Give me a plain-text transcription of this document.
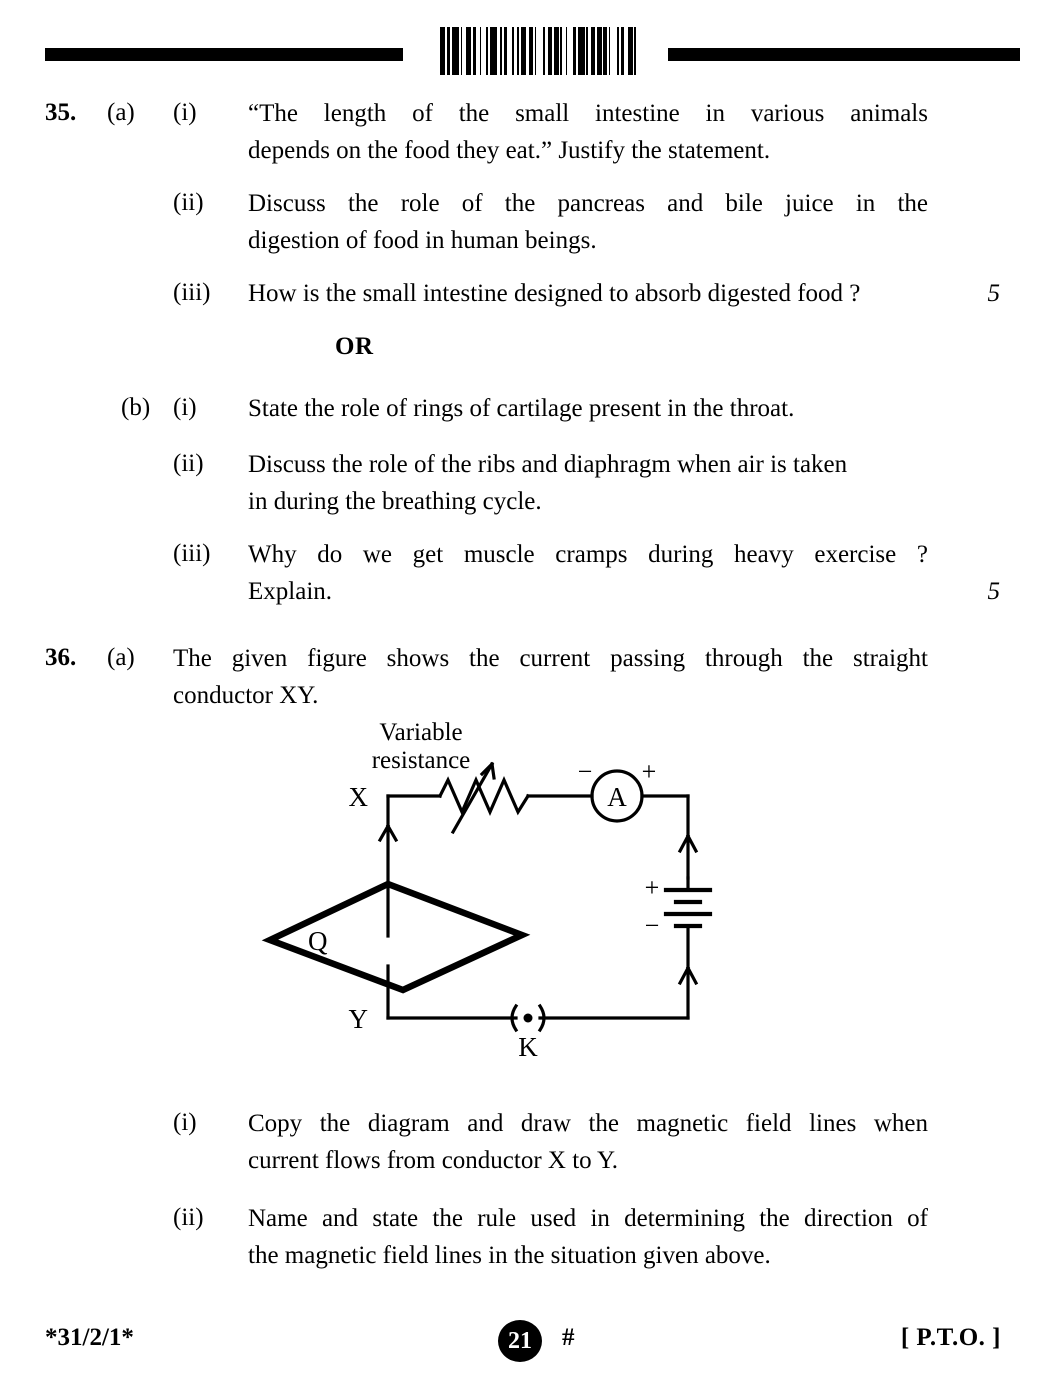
35.	(a)	(i)	“The length of the small intestine in various animals
depends on the food they eat.” Justify the statement.
(ii)	Discuss the role of the pancreas and bile juice in the
digestion of food in human beings.
(iii)	How is the small intestine designed to absorb digested food ?	5
OR
(b) (i)	State the role of rings of cartilage present in the throat.
(ii)	Discuss the role of the ribs and diaphragm when air is taken
in during the breathing cycle.
(iii)	Why do we get muscle cramps during heavy exercise ?
Explain.	5
36.	(a)	The given figure shows the current passing through the straight
conductor XY.
Variable
resistance
X
Y
Q
A
− +
+
−
K
(i)	Copy the diagram and draw the magnetic field lines when
current flows from conductor X to Y.
(ii)	Name and state the rule used in determining the direction of
the magnetic field lines in the situation given above.
*31/2/1*	21	#	[ P.T.O. ]
